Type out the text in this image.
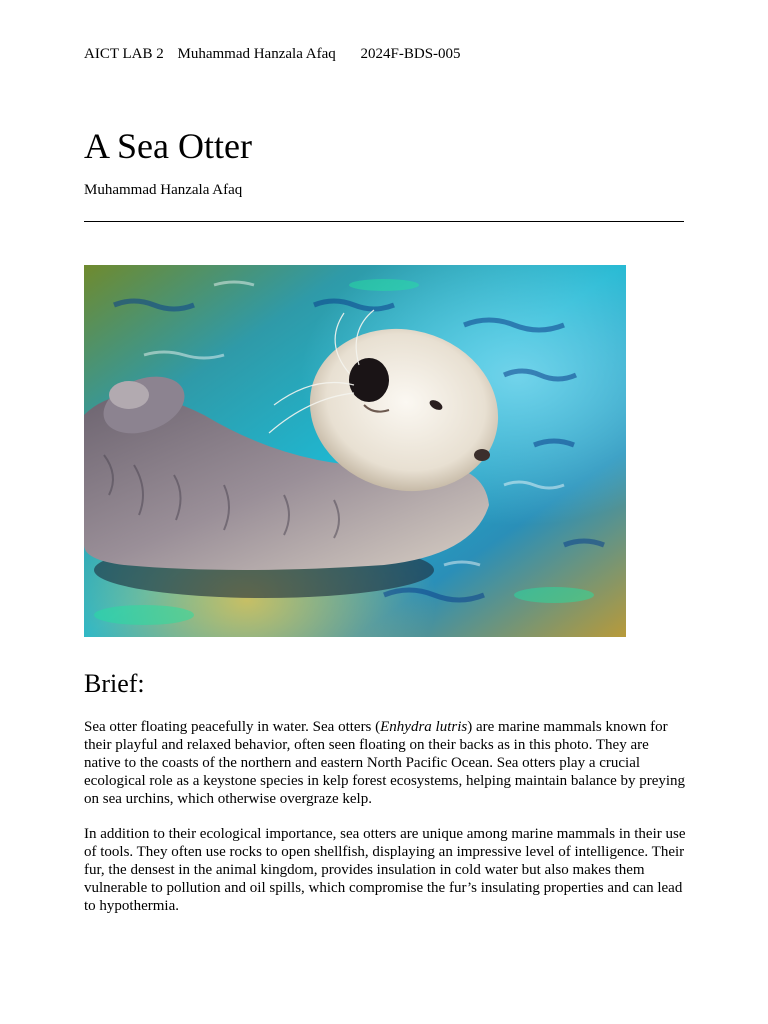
AICT LAB 2 Muhammad Hanzala Afaq 2024F-BDS-005
A Sea Otter
Muhammad Hanzala Afaq
Brief:

Sea otter floating peacefully in water. Sea otters (Enhydra lutris) are marine mammals known for their playful and relaxed behavior, often seen floating on their backs as in this photo. They are native to the coasts of the northern and eastern North Pacific Ocean. Sea otters play a crucial ecological role as a keystone species in kelp forest ecosystems, helping maintain balance by preying on sea urchins, which otherwise overgraze kelp.

In addition to their ecological importance, sea otters are unique among marine mammals in their use of tools. They often use rocks to open shellfish, displaying an impressive level of intelligence. Their fur, the densest in the animal kingdom, provides insulation in cold water but also makes them vulnerable to pollution and oil spills, which compromise the fur’s insulating properties and can lead to hypothermia.
